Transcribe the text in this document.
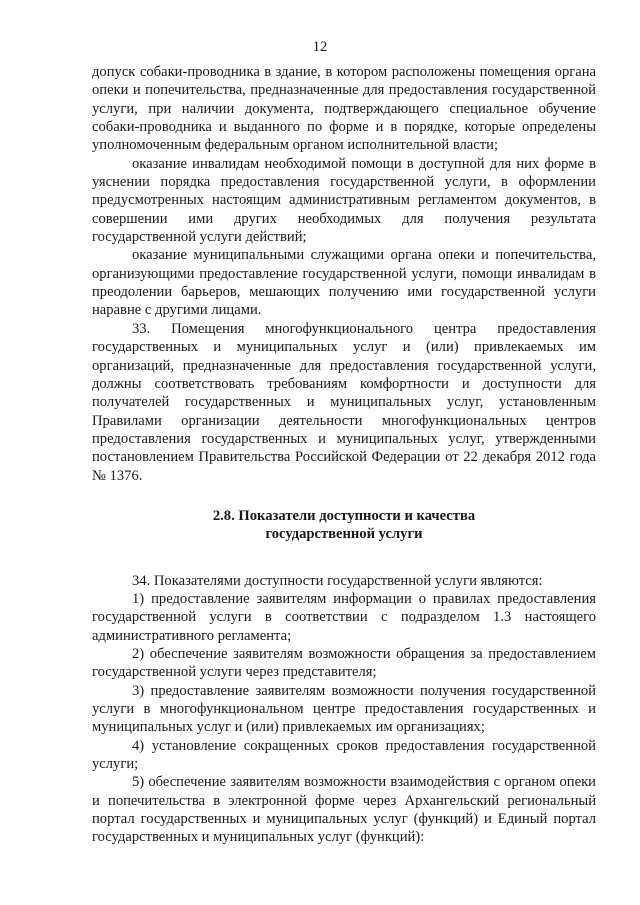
12

допуск собаки-проводника в здание, в котором расположены помещения органа опеки и попечительства, предназначенные для предоставления государственной услуги, при наличии документа, подтверждающего специальное обучение собаки-проводника и выданного по форме и в порядке, которые определены уполномоченным федеральным органом исполнительной власти;

оказание инвалидам необходимой помощи в доступной для них форме в уяснении порядка предоставления государственной услуги, в оформлении предусмотренных настоящим административным регламентом документов, в совершении ими других необходимых для получения результата государственной услуги действий;

оказание муниципальными служащими органа опеки и попечительства, организующими предоставление государственной услуги, помощи инвалидам в преодолении барьеров, мешающих получению ими государственной услуги наравне с другими лицами.

33. Помещения многофункционального центра предоставления государственных и муниципальных услуг и (или) привлекаемых им организаций, предназначенные для предоставления государственной услуги, должны соответствовать требованиям комфортности и доступности для получателей государственных и муниципальных услуг, установленным Правилами организации деятельности многофункциональных центров предоставления государственных и муниципальных услуг, утвержденными постановлением Правительства Российской Федерации от 22 декабря 2012 года № 1376.

2.8. Показатели доступности и качества
государственной услуги

34. Показателями доступности государственной услуги являются:

1) предоставление заявителям информации о правилах предоставления государственной услуги в соответствии с подразделом 1.3 настоящего административного регламента;

2) обеспечение заявителям возможности обращения за предоставлением государственной услуги через представителя;

3) предоставление заявителям возможности получения государственной услуги в многофункциональном центре предоставления государственных и муниципальных услуг и (или) привлекаемых им организациях;

4) установление сокращенных сроков предоставления государственной услуги;

5) обеспечение заявителям возможности взаимодействия с органом опеки и попечительства в электронной форме через Архангельский региональный портал государственных и муниципальных услуг (функций) и Единый портал государственных и муниципальных услуг (функций):
